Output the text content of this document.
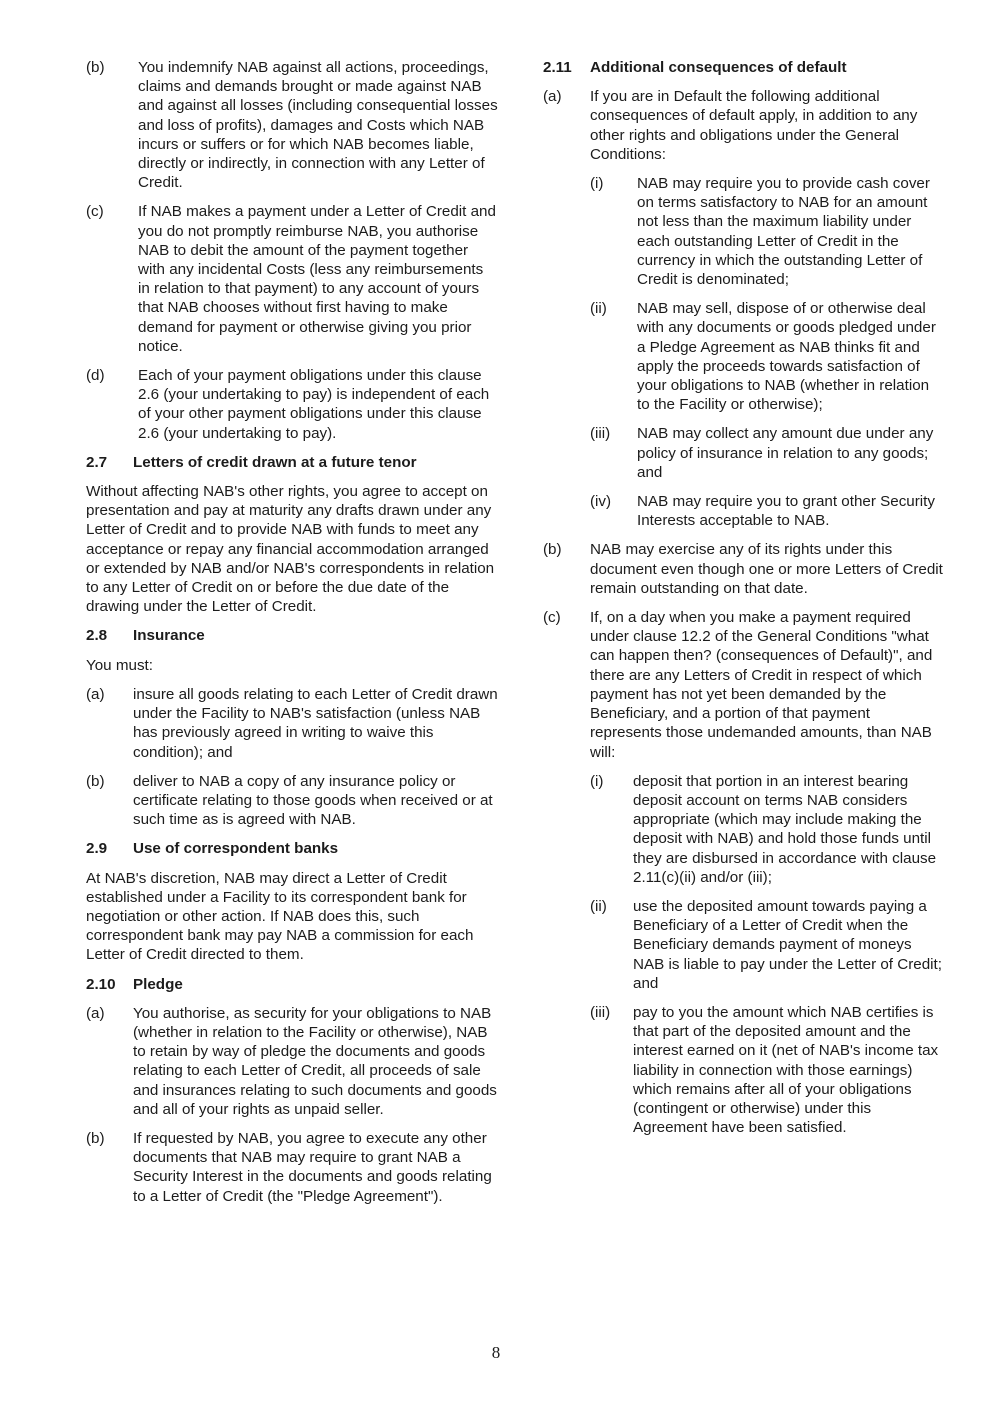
(b)	You indemnify NAB against all actions, proceedings, claims and demands brought or made against NAB and against all losses (including consequential losses and loss of profits), damages and Costs which NAB incurs or suffers or for which NAB becomes liable, directly or indirectly, in connection with any Letter of Credit.
(c)	If NAB makes a payment under a Letter of Credit and you do not promptly reimburse NAB, you authorise NAB to debit the amount of the payment together with any incidental Costs (less any reimbursements in relation to that payment) to any account of yours that NAB chooses without first having to make demand for payment or otherwise giving you prior notice.
(d)	Each of your payment obligations under this clause 2.6 (your undertaking to pay) is independent of each of your other payment obligations under this clause 2.6 (your undertaking to pay).
2.7	Letters of credit drawn at a future tenor
Without affecting NAB's other rights, you agree to accept on presentation and pay at maturity any drafts drawn under any Letter of Credit and to provide NAB with funds to meet any acceptance or repay any financial accommodation arranged or extended by NAB and/or NAB's correspondents in relation to any Letter of Credit on or before the due date of the drawing under the Letter of Credit.
2.8	Insurance
You must:
(a)	insure all goods relating to each Letter of Credit drawn under the Facility to NAB's satisfaction (unless NAB has previously agreed in writing to waive this condition); and
(b)	deliver to NAB a copy of any insurance policy or certificate relating to those goods when received or at such time as is agreed with NAB.
2.9	Use of correspondent banks
At NAB's discretion, NAB may direct a Letter of Credit established under a Facility to its correspondent bank for negotiation or other action. If NAB does this, such correspondent bank may pay NAB a commission for each Letter of Credit directed to them.
2.10	Pledge
(a)	You authorise, as security for your obligations to NAB (whether in relation to the Facility or otherwise), NAB to retain by way of pledge the documents and goods relating to each Letter of Credit, all proceeds of sale and insurances relating to such documents and goods and all of your rights as unpaid seller.
(b)	If requested by NAB, you agree to execute any other documents that NAB may require to grant NAB a Security Interest in the documents and goods relating to a Letter of Credit (the "Pledge Agreement").
2.11	Additional consequences of default
(a)	If you are in Default the following additional consequences of default apply, in addition to any other rights and obligations under the General Conditions:
(i)	NAB may require you to provide cash cover on terms satisfactory to NAB for an amount not less than the maximum liability under each outstanding Letter of Credit in the currency in which the outstanding Letter of Credit is denominated;
(ii)	NAB may sell, dispose of or otherwise deal with any documents or goods pledged under a Pledge Agreement as NAB thinks fit and apply the proceeds towards satisfaction of your obligations to NAB (whether in relation to the Facility or otherwise);
(iii)	NAB may collect any amount due under any policy of insurance in relation to any goods; and
(iv)	NAB may require you to grant other Security Interests acceptable to NAB.
(b)	NAB may exercise any of its rights under this document even though one or more Letters of Credit remain outstanding on that date.
(c)	If, on a day when you make a payment required under clause 12.2 of the General Conditions "what can happen then? (consequences of Default)", and there are any Letters of Credit in respect of which payment has not yet been demanded by the Beneficiary, and a portion of that payment represents those undemanded amounts, than NAB will:
(i)	deposit that portion in an interest bearing deposit account on terms NAB considers appropriate (which may include making the deposit with NAB) and hold those funds until they are disbursed in accordance with clause 2.11(c)(ii) and/or (iii);
(ii)	use the deposited amount towards paying a Beneficiary of a Letter of Credit when the Beneficiary demands payment of moneys NAB is liable to pay under the Letter of Credit; and
(iii)	pay to you the amount which NAB certifies is that part of the deposited amount and the interest earned on it (net of NAB's income tax liability in connection with those earnings) which remains after all of your obligations (contingent or otherwise) under this Agreement have been satisfied.
8
